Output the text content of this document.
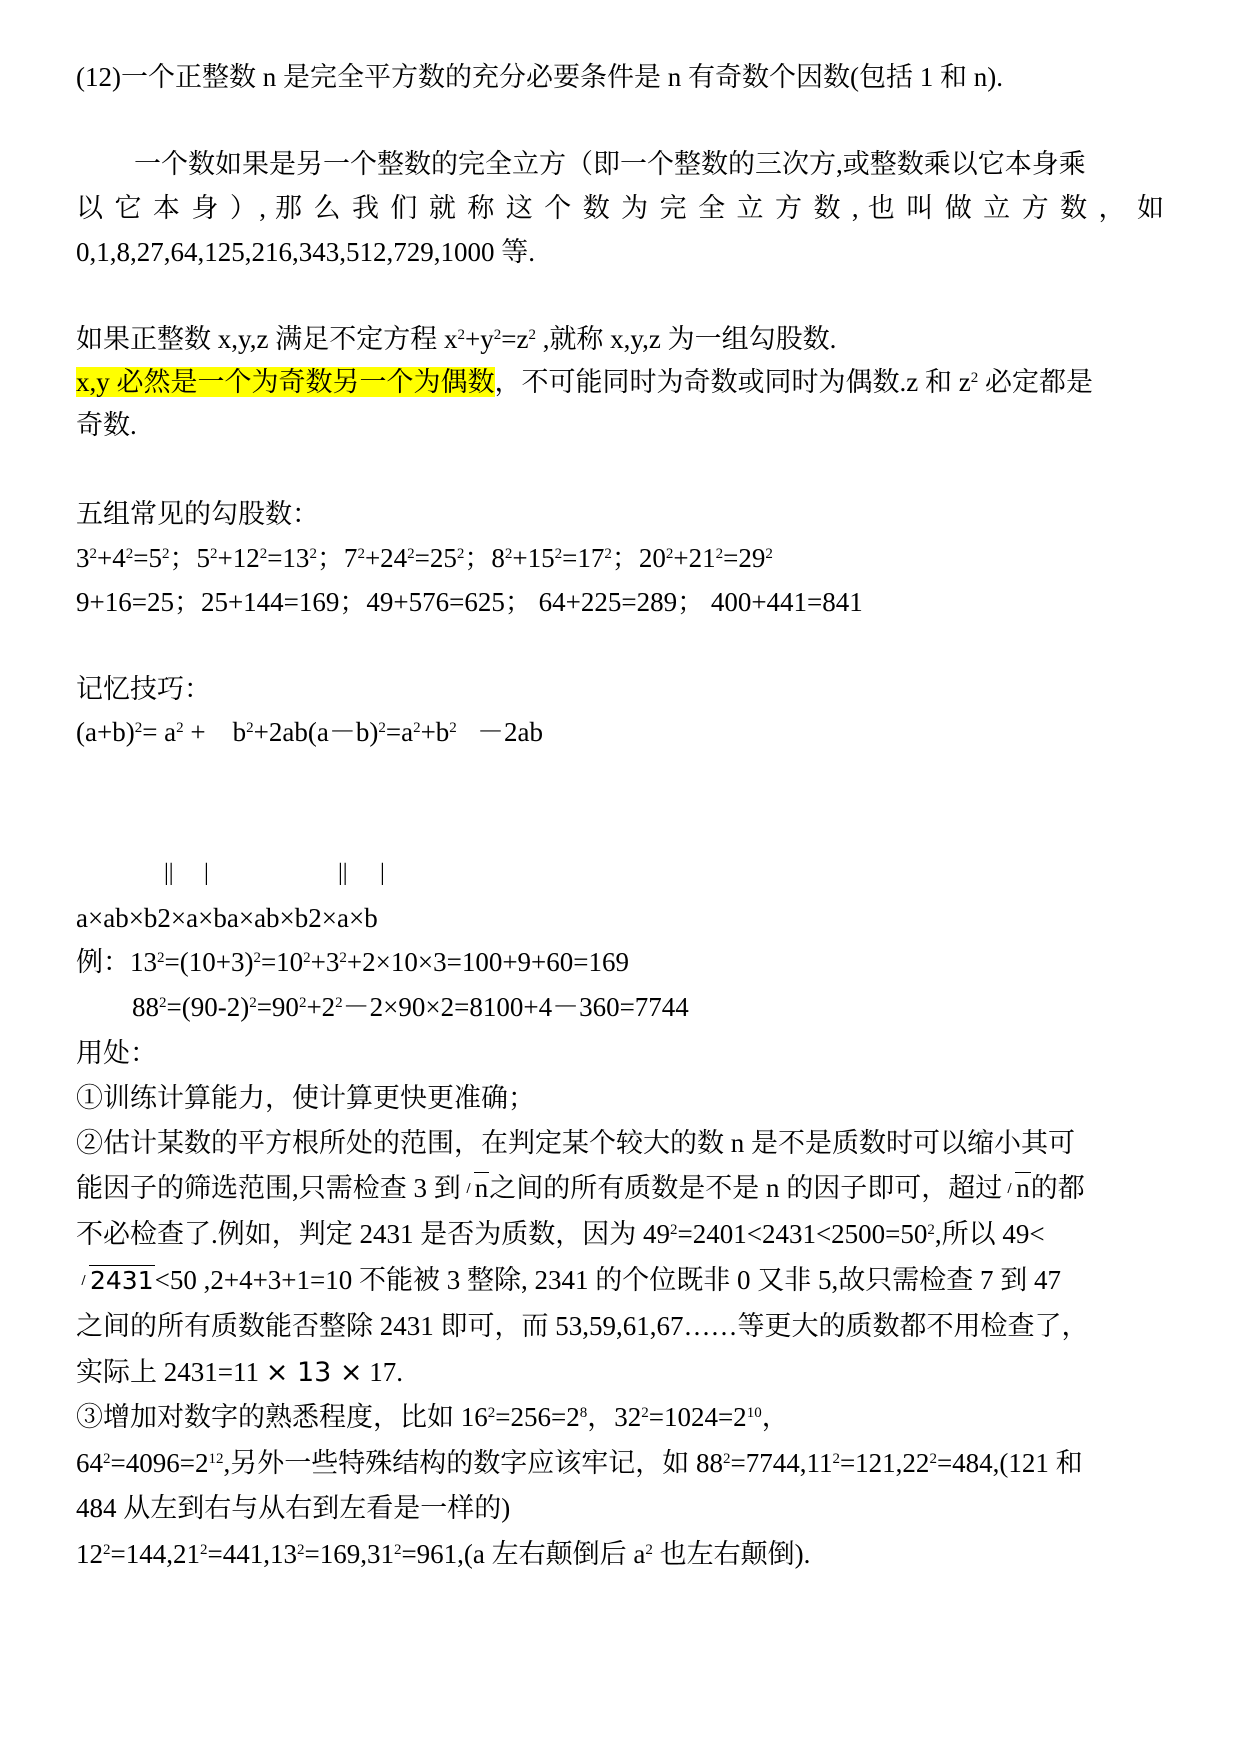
(12)一个正整数 n 是完全平方数的充分必要条件是 n 有奇数个因数(包括 1 和 n).
一个数如果是另一个整数的完全立方（即一个整数的三次方,或整数乘以它本身乘
以 它 本 身 ）, 那 么 我 们 就 称 这 个 数 为 完 全 立 方 数 , 也 叫 做 立 方 数 ， 如
0,1,8,27,64,125,216,343,512,729,1000 等.
如果正整数 x,y,z 满足不定方程 $x^2+y^2=z^2$ ,就称 x,y,z 为一组勾股数.
x,y 必然是一个为奇数另一个为偶数，不可能同时为奇数或同时为偶数.z 和 $z^2$ 必定都是
奇数.
五组常见的勾股数：
$3^2+4^2=5^2$；$5^2+12^2=13^2$；$7^2+24^2=25^2$；$8^2+15^2=17^2$；$20^2+21^2=29^2$
9+16=25；25+144=169；49+576=625； 64+225=289； 400+441=841
记忆技巧：
$(a+b)^2= a^2$ +    $b^2+2ab(a-b)^2=a^2+b^2 -2ab$
|| |	|| |
a×ab×b2×a×ba×ab×b2×a×b
例：$13^2=(10+3)^2=10^2+3^2+2\times 10\times 3=100+9+60=169$
$88^2=(90-2)^2=90^2+2^2-2\times 90\times 2=8100+4-360=7744$
用处：
①训练计算能力，使计算更快更准确；
②估计某数的平方根所处的范围，在判定某个较大的数 n 是不是质数时可以缩小其可
能因子的筛选范围,只需检查 3 到 n之间的所有质数是不是 n 的因子即可，超过 n的都
不必检查了.例如，判定 2431 是否为质数，因为 $49^2=2401<2431<2500=50^2$,所以 49<
2431<50 ,2+4+3+1=10 不能被 3 整除, 2341 的个位既非 0 又非 5,故只需检查 7 到 47
之间的所有质数能否整除 2431 即可，而 53,59,61,67……等更大的质数都不用检查了，
实际上 2431=11 × 13 × 17.
③增加对数字的熟悉程度，比如 $16^2=256=2^8$，$32^2=1024=2^{10}$，
$64^2=4096=2^{12}$,另外一些特殊结构的数字应该牢记，如 $88^2=7744,11^2=121,22^2=484,(121$ 和
484 从左到右与从右到左看是一样的)
$12^2=144,21^2=441,13^2=169,31^2=961,(a$ 左右颠倒后 $a^2$ 也左右颠倒).
